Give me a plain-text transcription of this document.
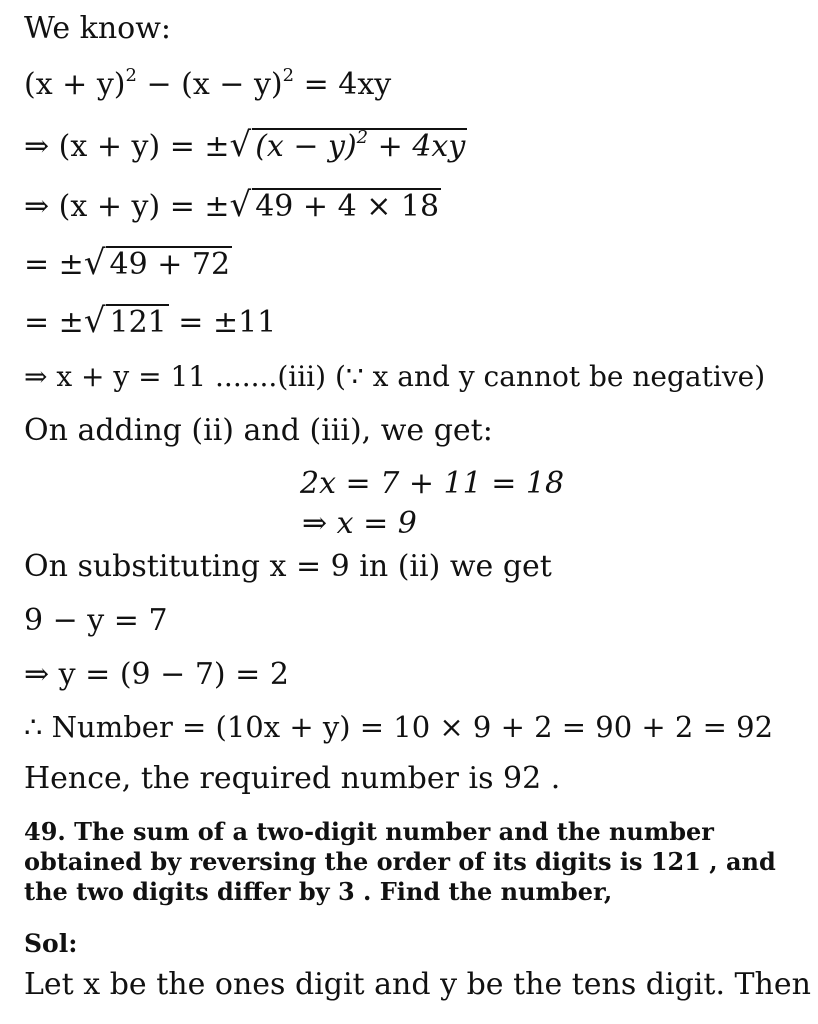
We know:
$(x + y)^2 - (x - y)^2 = 4xy$
⇒ (x + y) = ± √ $(x - y)^2 + 4xy$
⇒ (x + y) = ± √ 49 + 4 × 18
= ± √ 49 + 72
= ± √ 121 = ±11
⇒ x + y = 11 .......(iii) (∵ x and y cannot be negative)
On adding (ii) and (iii), we get:
2x = 7 + 11 = 18
⇒ x = 9
On substituting x = 9 in (ii) we get
9 − y = 7
⇒ y = (9 − 7) = 2
∴ Number = (10x + y) = 10 × 9 + 2 = 90 + 2 = 92
Hence, the required number is 92 .
49. The sum of a two-digit number and the number
obtained by reversing the order of its digits is 121 , and
the two digits differ by 3 . Find the number,
Sol:
Let x be the ones digit and y be the tens digit. Then
